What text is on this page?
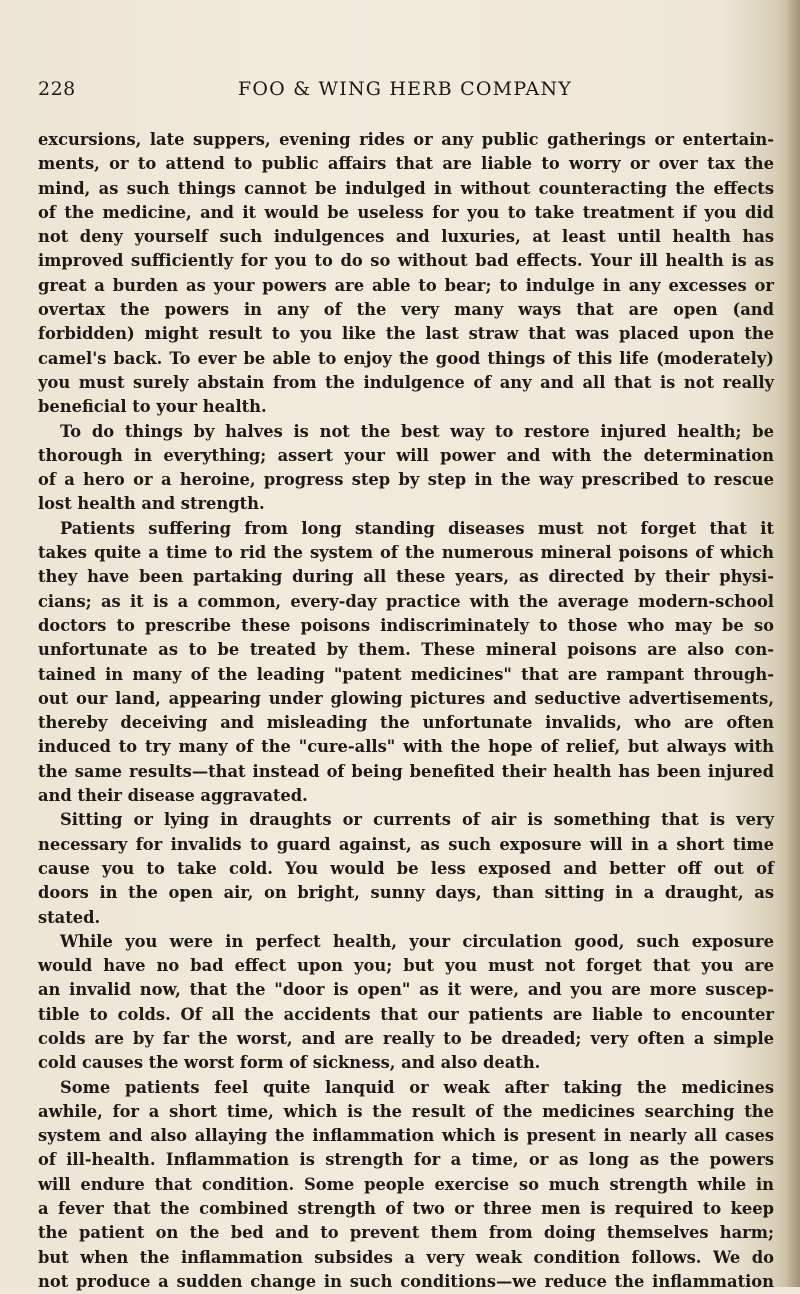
228	FOO & WING HERB COMPANY
excursions, late suppers, evening rides or any public gatherings or entertain-
ments, or to attend to public affairs that are liable to worry or over tax the
mind, as such things cannot be indulged in without counteracting the effects
of the medicine, and it would be useless for you to take treatment if you did
not deny yourself such indulgences and luxuries, at least until health has
improved sufficiently for you to do so without bad effects. Your ill health is as
great a burden as your powers are able to bear; to indulge in any excesses or
overtax the powers in any of the very many ways that are open (and
forbidden) might result to you like the last straw that was placed upon the
camel's back. To ever be able to enjoy the good things of this life (moderately)
you must surely abstain from the indulgence of any and all that is not really
beneficial to your health.
To do things by halves is not the best way to restore injured health; be
thorough in everything; assert your will power and with the determination
of a hero or a heroine, progress step by step in the way prescribed to rescue
lost health and strength.
Patients suffering from long standing diseases must not forget that it
takes quite a time to rid the system of the numerous mineral poisons of which
they have been partaking during all these years, as directed by their physi-
cians; as it is a common, every-day practice with the average modern-school
doctors to prescribe these poisons indiscriminately to those who may be so
unfortunate as to be treated by them. These mineral poisons are also con-
tained in many of the leading "patent medicines" that are rampant through-
out our land, appearing under glowing pictures and seductive advertisements,
thereby deceiving and misleading the unfortunate invalids, who are often
induced to try many of the "cure-alls" with the hope of relief, but always with
the same results—that instead of being benefited their health has been injured
and their disease aggravated.
Sitting or lying in draughts or currents of air is something that is very
necessary for invalids to guard against, as such exposure will in a short time
cause you to take cold. You would be less exposed and better off out of
doors in the open air, on bright, sunny days, than sitting in a draught, as
stated.
While you were in perfect health, your circulation good, such exposure
would have no bad effect upon you; but you must not forget that you are
an invalid now, that the "door is open" as it were, and you are more suscep-
tible to colds. Of all the accidents that our patients are liable to encounter
colds are by far the worst, and are really to be dreaded; very often a simple
cold causes the worst form of sickness, and also death.
Some patients feel quite lanquid or weak after taking the medicines
awhile, for a short time, which is the result of the medicines searching the
system and also allaying the inflammation which is present in nearly all cases
of ill-health. Inflammation is strength for a time, or as long as the powers
will endure that condition. Some people exercise so much strength while in
a fever that the combined strength of two or three men is required to keep
the patient on the bed and to prevent them from doing themselves harm;
but when the inflammation subsides a very weak condition follows. We do
not produce a sudden change in such conditions—we reduce the inflammation
